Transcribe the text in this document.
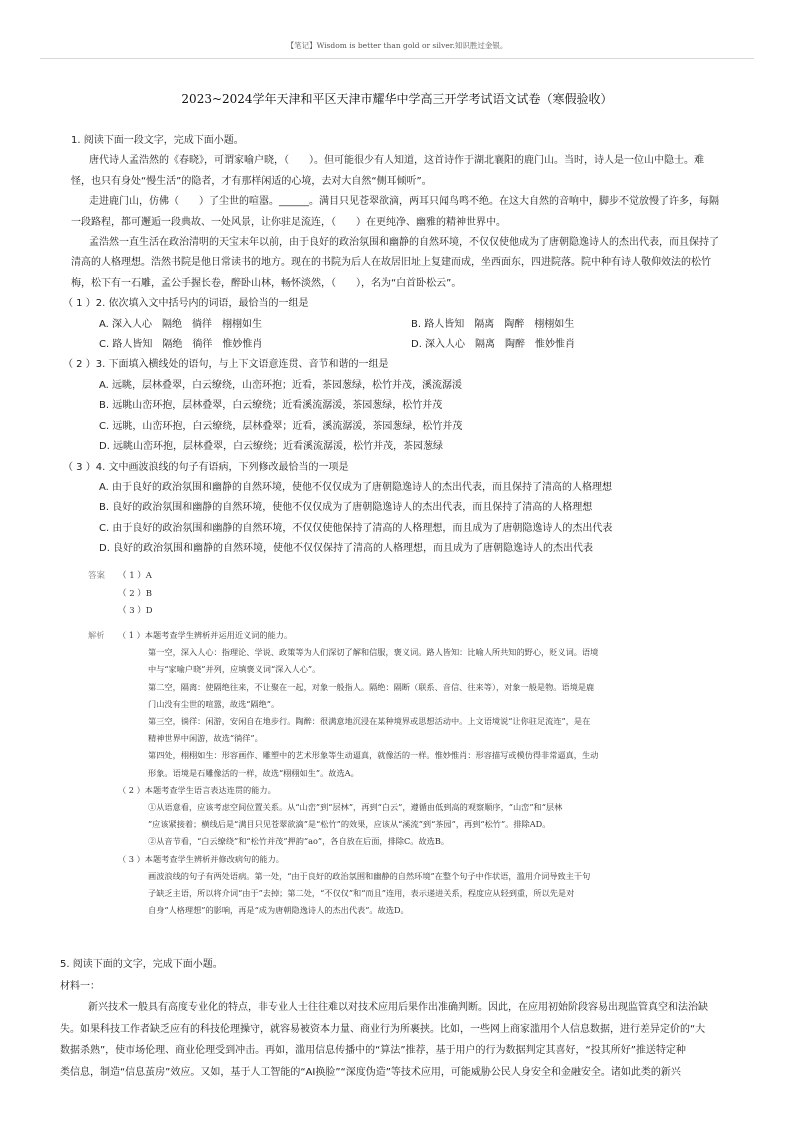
【笔记】Wisdom is better than gold or silver.知识胜过金银。
2023~2024学年天津和平区天津市耀华中学高三开学考试语文试卷（寒假验收）
1. 阅读下面一段文字，完成下面小题。
唐代诗人孟浩然的《春晓》，可谓家喻户晓，（　　）。但可能很少有人知道，这首诗作于湖北襄阳的鹿门山。当时，诗人是一位山中隐士。难
怪，也只有身处“慢生活”的隐者，才有那样闲适的心境，去对大自然“侧耳倾听”。
走进鹿门山，仿佛（　　）了尘世的喧嚣。______。满目只见苍翠欲滴，两耳只闻鸟鸣不绝。在这大自然的音响中，脚步不觉放慢了许多，每隔
一段路程，都可邂逅一段典故、一处风景，让你驻足流连，（　　）在更纯净、幽雅的精神世界中。
孟浩然一直生活在政治清明的天宝末年以前，由于良好的政治氛围和幽静的自然环境，不仅仅使他成为了唐朝隐逸诗人的杰出代表，而且保持了
清高的人格理想。浩然书院是他日常读书的地方。现在的书院为后人在故居旧址上复建而成，坐西面东，四进院落。院中种有诗人敬仰效法的松竹
梅，松下有一石雕，孟公手握长卷，醉卧山林，畅怀淡然，（　　），名为“白首卧松云”。
（ 1 ）2. 依次填入文中括号内的词语，最恰当的一组是
A. 深入人心　隔绝　徜徉　栩栩如生	B. 路人皆知　隔离　陶醉　栩栩如生
C. 路人皆知　隔绝　徜徉　惟妙惟肖	D. 深入人心　隔离　陶醉　惟妙惟肖
（ 2 ）3. 下面填入横线处的语句，与上下文语意连贯、音节和谐的一组是
A. 远眺，层林叠翠，白云缭绕，山峦环抱；近看，茶园葱绿，松竹并茂，溪流潺湲
B. 远眺山峦环抱，层林叠翠，白云缭绕；近看溪流潺湲，茶园葱绿，松竹并茂
C. 远眺，山峦环抱，白云缭绕，层林叠翠；近看，溪流潺湲，茶园葱绿，松竹并茂
D. 远眺山峦环抱，层林叠翠，白云缭绕；近看溪流潺湲，松竹并茂，茶园葱绿
（ 3 ）4. 文中画波浪线的句子有语病，下列修改最恰当的一项是
A. 由于良好的政治氛围和幽静的自然环境，使他不仅仅成为了唐朝隐逸诗人的杰出代表，而且保持了清高的人格理想
B. 良好的政治氛围和幽静的自然环境，使他不仅仅成为了唐朝隐逸诗人的杰出代表，而且保持了清高的人格理想
C. 由于良好的政治氛围和幽静的自然环境，不仅仅使他保持了清高的人格理想，而且成为了唐朝隐逸诗人的杰出代表
D. 良好的政治氛围和幽静的自然环境，使他不仅仅保持了清高的人格理想，而且成为了唐朝隐逸诗人的杰出代表
答案	（ 1 ）A
（ 2 ）B
（ 3 ）D
解析 （ 1 ）本题考查学生辨析并运用近义词的能力。
第一空，深入人心：指理论、学说、政策等为人们深切了解和信服，褒义词。路人皆知：比喻人所共知的野心，贬义词。语境
中与“家喻户晓”并列，应填褒义词“深入人心”。
第二空，隔离：使隔绝往来，不让聚在一起，对象一般指人。隔绝：隔断（联系、音信、往来等），对象一般是物。语境是鹿
门山没有尘世的喧嚣，故选“隔绝”。
第三空，徜徉：闲游，安闲自在地步行。陶醉：很满意地沉浸在某种境界或思想活动中。上文语境说“让你驻足流连”，是在
精神世界中闲游，故选“徜徉”。
第四处，栩栩如生：形容画作、雕塑中的艺术形象等生动逼真，就像活的一样。惟妙惟肖：形容描写或模仿得非常逼真，生动
形象。语境是石雕像活的一样，故选“栩栩如生”。故选A。
（ 2 ）本题考查学生语言表达连贯的能力。
①从语意看，应该考虑空间位置关系。从“山峦”到“层林”，再到“白云”，遵循由低到高的观察顺序，“山峦”和“层林
”应该紧接着；横线后是“满目只见苍翠欲滴”是“松竹”的效果，应该从“溪流”到“茶园”，再到“松竹”。排除AD。
②从音节看，“白云缭绕”和“松竹并茂”押韵“ao”，各自放在后面，排除C。故选B。
（ 3 ）本题考查学生辨析并修改病句的能力。
画波浪线的句子有两处语病。第一处，“由于良好的政治氛围和幽静的自然环境”在整个句子中作状语，滥用介词导致主干句
子缺乏主语，所以将介词“由于”去掉；第二处，“不仅仅”和“而且”连用，表示递进关系，程度应从轻到重，所以先是对
自身“人格理想”的影响，再是“成为唐朝隐逸诗人的杰出代表”。故选D。
5. 阅读下面的文字，完成下面小题。
材料一：
新兴技术一般具有高度专业化的特点，非专业人士往往难以对技术应用后果作出准确判断。因此，在应用初始阶段容易出现监管真空和法治缺
失。如果科技工作者缺乏应有的科技伦理操守，就容易被资本力量、商业行为所裹挟。比如，一些网上商家滥用个人信息数据，进行差异定价的“大
数据杀熟”，使市场伦理、商业伦理受到冲击。再如，滥用信息传播中的“算法”推荐，基于用户的行为数据判定其喜好，“投其所好”推送特定种
类信息，制造“信息茧房”效应。又如，基于人工智能的“AI换脸”“深度伪造”等技术应用，可能威胁公民人身安全和金融安全。诸如此类的新兴
